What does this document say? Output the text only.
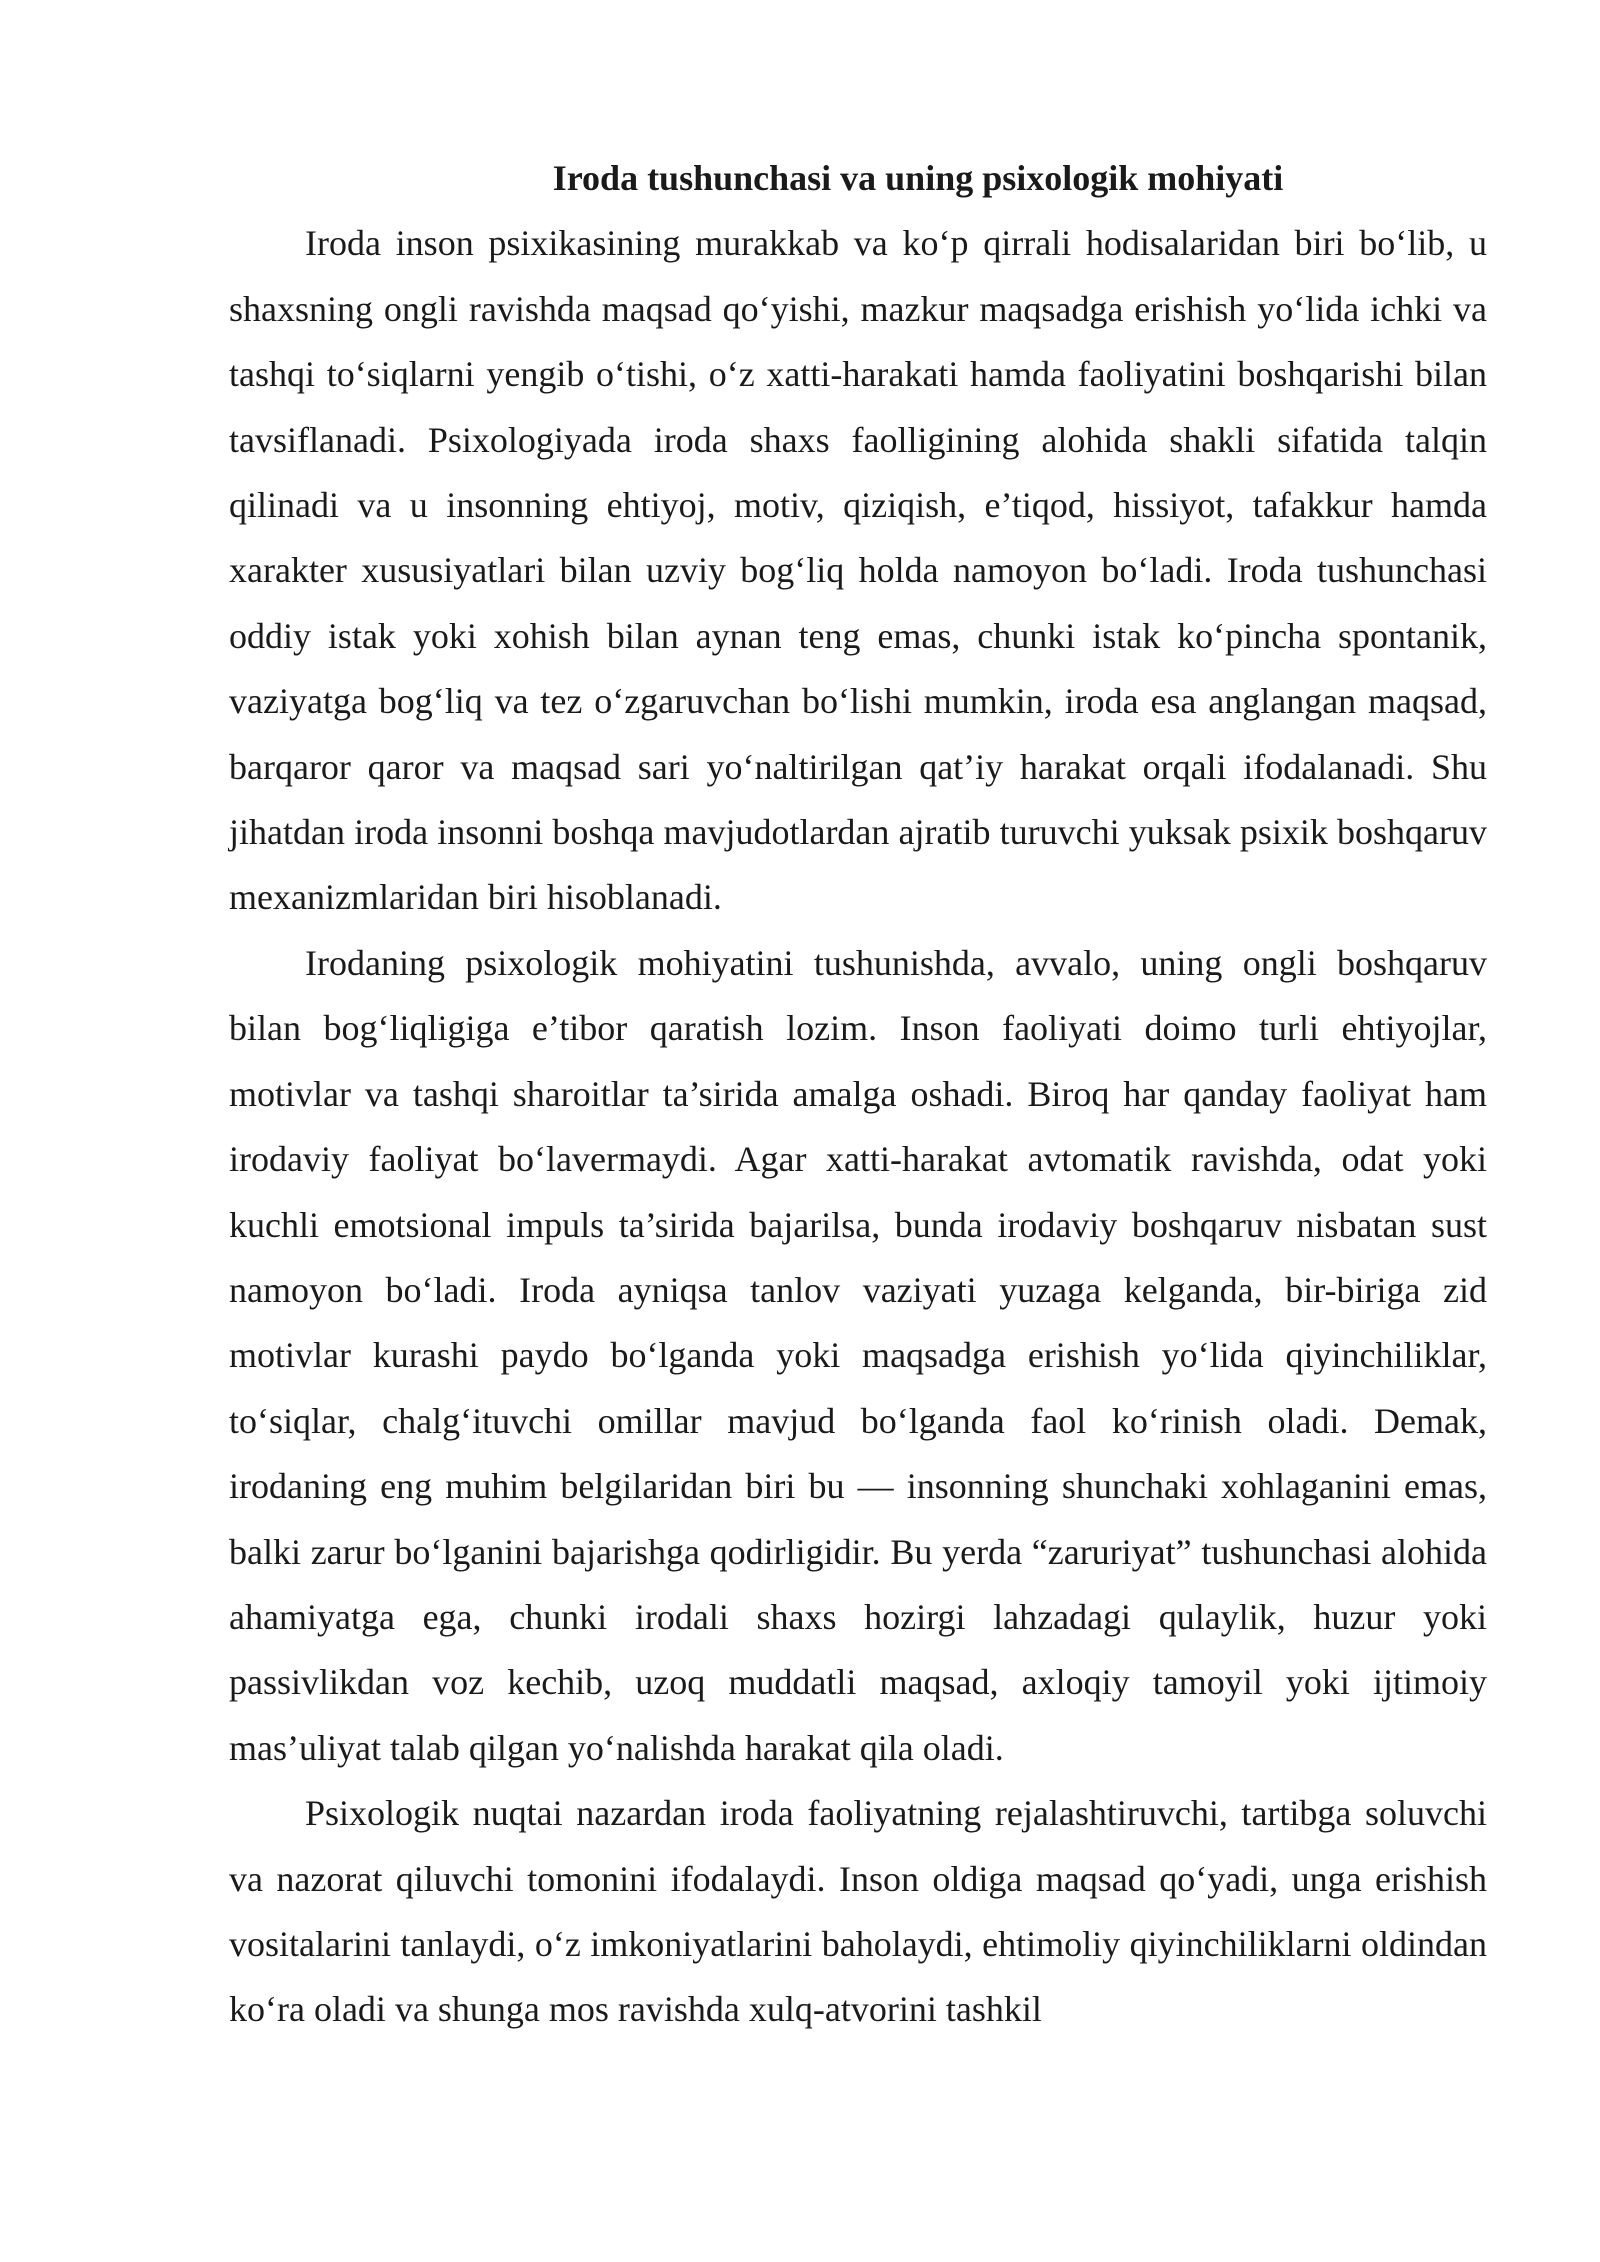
Iroda tushunchasi va uning psixologik mohiyati

Iroda inson psixikasining murakkab va ko‘p qirrali hodisalaridan biri bo‘lib, u shaxsning ongli ravishda maqsad qo‘yishi, mazkur maqsadga erishish yo‘lida ichki va tashqi to‘siqlarni yengib o‘tishi, o‘z xatti-harakati hamda faoliyatini boshqarishi bilan tavsiflanadi. Psixologiyada iroda shaxs faolligining alohida shakli sifatida talqin qilinadi va u insonning ehtiyoj, motiv, qiziqish, e’tiqod, hissiyot, tafakkur hamda xarakter xususiyatlari bilan uzviy bog‘liq holda namoyon bo‘ladi. Iroda tushunchasi oddiy istak yoki xohish bilan aynan teng emas, chunki istak ko‘pincha spontanik, vaziyatga bog‘liq va tez o‘zgaruvchan bo‘lishi mumkin, iroda esa anglangan maqsad, barqaror qaror va maqsad sari yo‘naltirilgan qat’iy harakat orqali ifodalanadi. Shu jihatdan iroda insonni boshqa mavjudotlardan ajratib turuvchi yuksak psixik boshqaruv mexanizmlaridan biri hisoblanadi.

Irodaning psixologik mohiyatini tushunishda, avvalo, uning ongli boshqaruv bilan bog‘liqligiga e’tibor qaratish lozim. Inson faoliyati doimo turli ehtiyojlar, motivlar va tashqi sharoitlar ta’sirida amalga oshadi. Biroq har qanday faoliyat ham irodaviy faoliyat bo‘lavermaydi. Agar xatti-harakat avtomatik ravishda, odat yoki kuchli emotsional impuls ta’sirida bajarilsa, bunda irodaviy boshqaruv nisbatan sust namoyon bo‘ladi. Iroda ayniqsa tanlov vaziyati yuzaga kelganda, bir-biriga zid motivlar kurashi paydo bo‘lganda yoki maqsadga erishish yo‘lida qiyinchiliklar, to‘siqlar, chalg‘ituvchi omillar mavjud bo‘lganda faol ko‘rinish oladi. Demak, irodaning eng muhim belgilaridan biri bu — insonning shunchaki xohlaganini emas, balki zarur bo‘lganini bajarishga qodirligidir. Bu yerda “zaruriyat” tushunchasi alohida ahamiyatga ega, chunki irodali shaxs hozirgi lahzadagi qulaylik, huzur yoki passivlikdan voz kechib, uzoq muddatli maqsad, axloqiy tamoyil yoki ijtimoiy mas’uliyat talab qilgan yo‘nalishda harakat qila oladi.

Psixologik nuqtai nazardan iroda faoliyatning rejalashtiruvchi, tartibga soluvchi va nazorat qiluvchi tomonini ifodalaydi. Inson oldiga maqsad qo‘yadi, unga erishish vositalarini tanlaydi, o‘z imkoniyatlarini baholaydi, ehtimoliy qiyinchiliklarni oldindan ko‘ra oladi va shunga mos ravishda xulq-atvorini tashkil
